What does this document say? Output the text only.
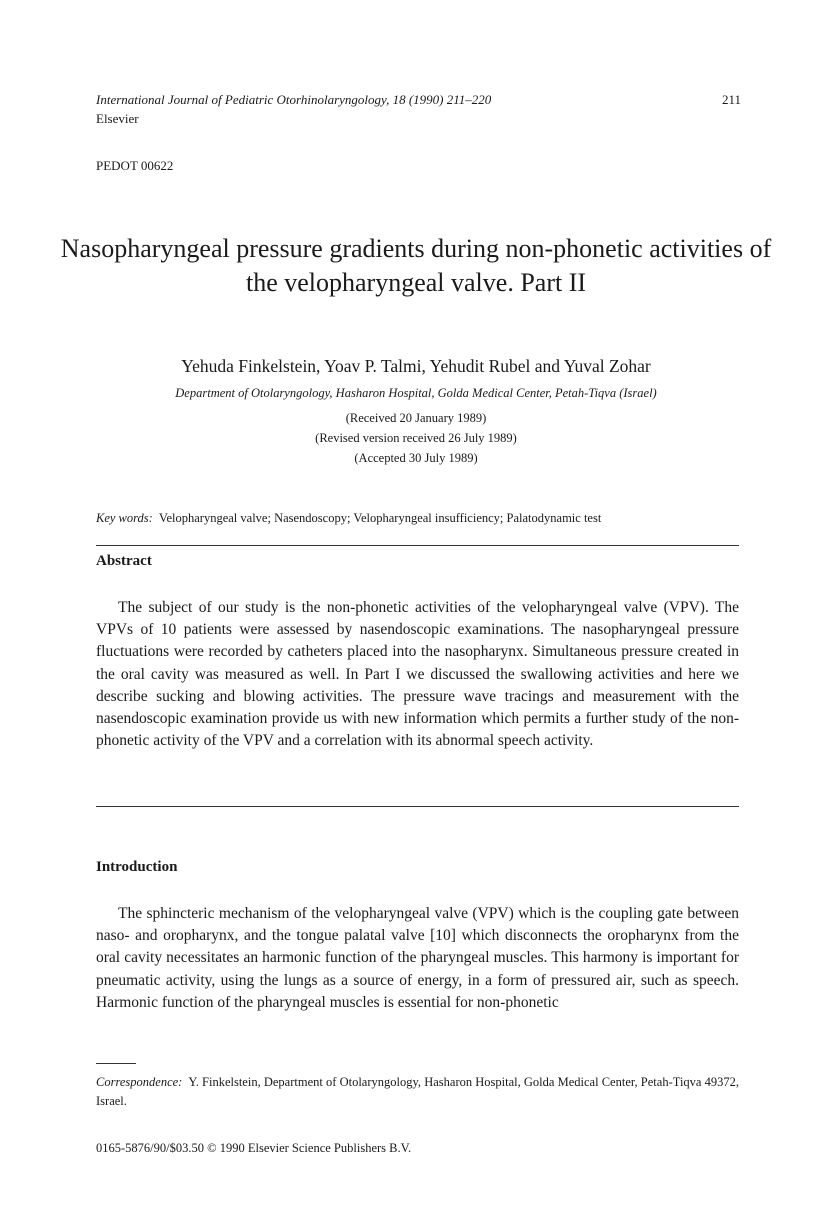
International Journal of Pediatric Otorhinolaryngology, 18 (1990) 211–220
Elsevier
211
PEDOT 00622
Nasopharyngeal pressure gradients during non-phonetic activities of the velopharyngeal valve. Part II
Yehuda Finkelstein, Yoav P. Talmi, Yehudit Rubel and Yuval Zohar
Department of Otolaryngology, Hasharon Hospital, Golda Medical Center, Petah-Tiqva (Israel)
(Received 20 January 1989)
(Revised version received 26 July 1989)
(Accepted 30 July 1989)
Key words: Velopharyngeal valve; Nasendoscopy; Velopharyngeal insufficiency; Palatodynamic test
Abstract
The subject of our study is the non-phonetic activities of the velopharyngeal valve (VPV). The VPVs of 10 patients were assessed by nasendoscopic examinations. The nasopharyngeal pressure fluctuations were recorded by catheters placed into the nasopharynx. Simultaneous pressure created in the oral cavity was measured as well. In Part I we discussed the swallowing activities and here we describe sucking and blowing activities. The pressure wave tracings and measurement with the nasendoscopic examination provide us with new information which permits a further study of the non-phonetic activity of the VPV and a correlation with its abnormal speech activity.
Introduction
The sphincteric mechanism of the velopharyngeal valve (VPV) which is the coupling gate between naso- and oropharynx, and the tongue palatal valve [10] which disconnects the oropharynx from the oral cavity necessitates an harmonic function of the pharyngeal muscles. This harmony is important for pneumatic activity, using the lungs as a source of energy, in a form of pressured air, such as speech. Harmonic function of the pharyngeal muscles is essential for non-phonetic
Correspondence: Y. Finkelstein, Department of Otolaryngology, Hasharon Hospital, Golda Medical Center, Petah-Tiqva 49372, Israel.
0165-5876/90/$03.50 © 1990 Elsevier Science Publishers B.V.
